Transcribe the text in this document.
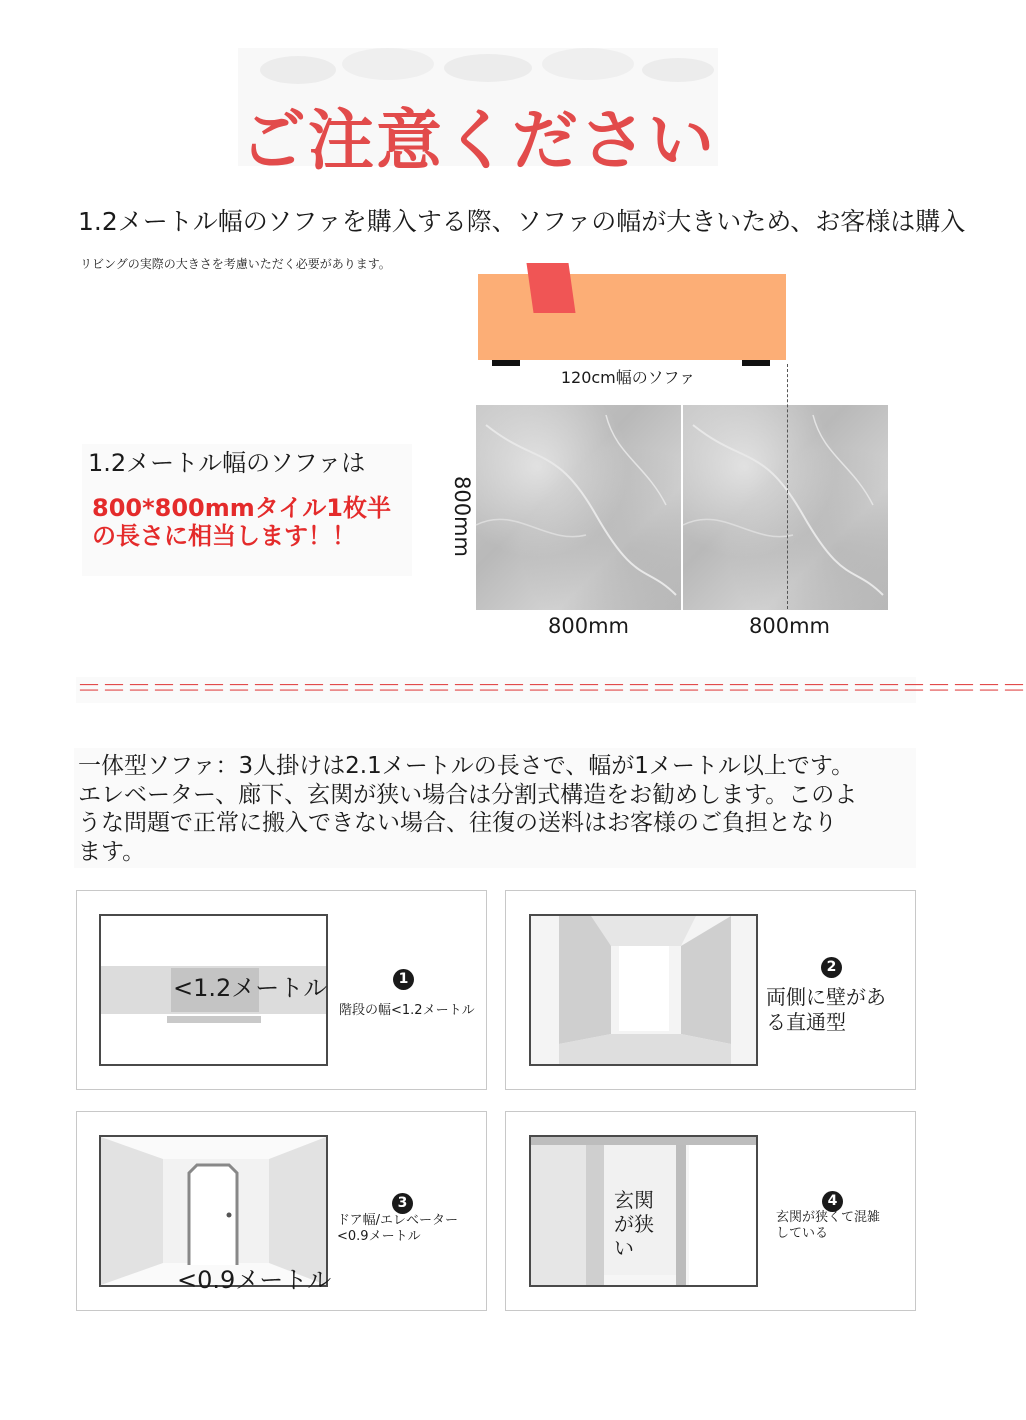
ご注意ください
1.2メートル幅のソファを購入する際、ソファの幅が大きいため、お客様は購入
リビングの実際の大きさを考慮いただく必要があります。
120cm幅のソファ
800mm
800mm	800mm
1.2メートル幅のソファは
800*800mmタイル1枚半の長さに相当します！！
＝＝＝＝＝＝＝＝＝＝＝＝＝＝＝＝＝＝＝＝＝＝＝＝＝＝＝＝＝＝＝＝＝＝＝＝＝＝
一体型ソファ：3人掛けは2.1メートルの長さで、幅が1メートル以上です。エレベーター、廊下、玄関が狭い場合は分割式構造をお勧めします。このような問題で正常に搬入できない場合、往復の送料はお客様のご負担となります。
<1.2メートル	1
階段の幅<1.2メートル
2
両側に壁がある直通型
<0.9メートル
3
ドア幅/エレベーター<0.9メートル
玄関が狭い
4
玄関が狭くて混雑している
